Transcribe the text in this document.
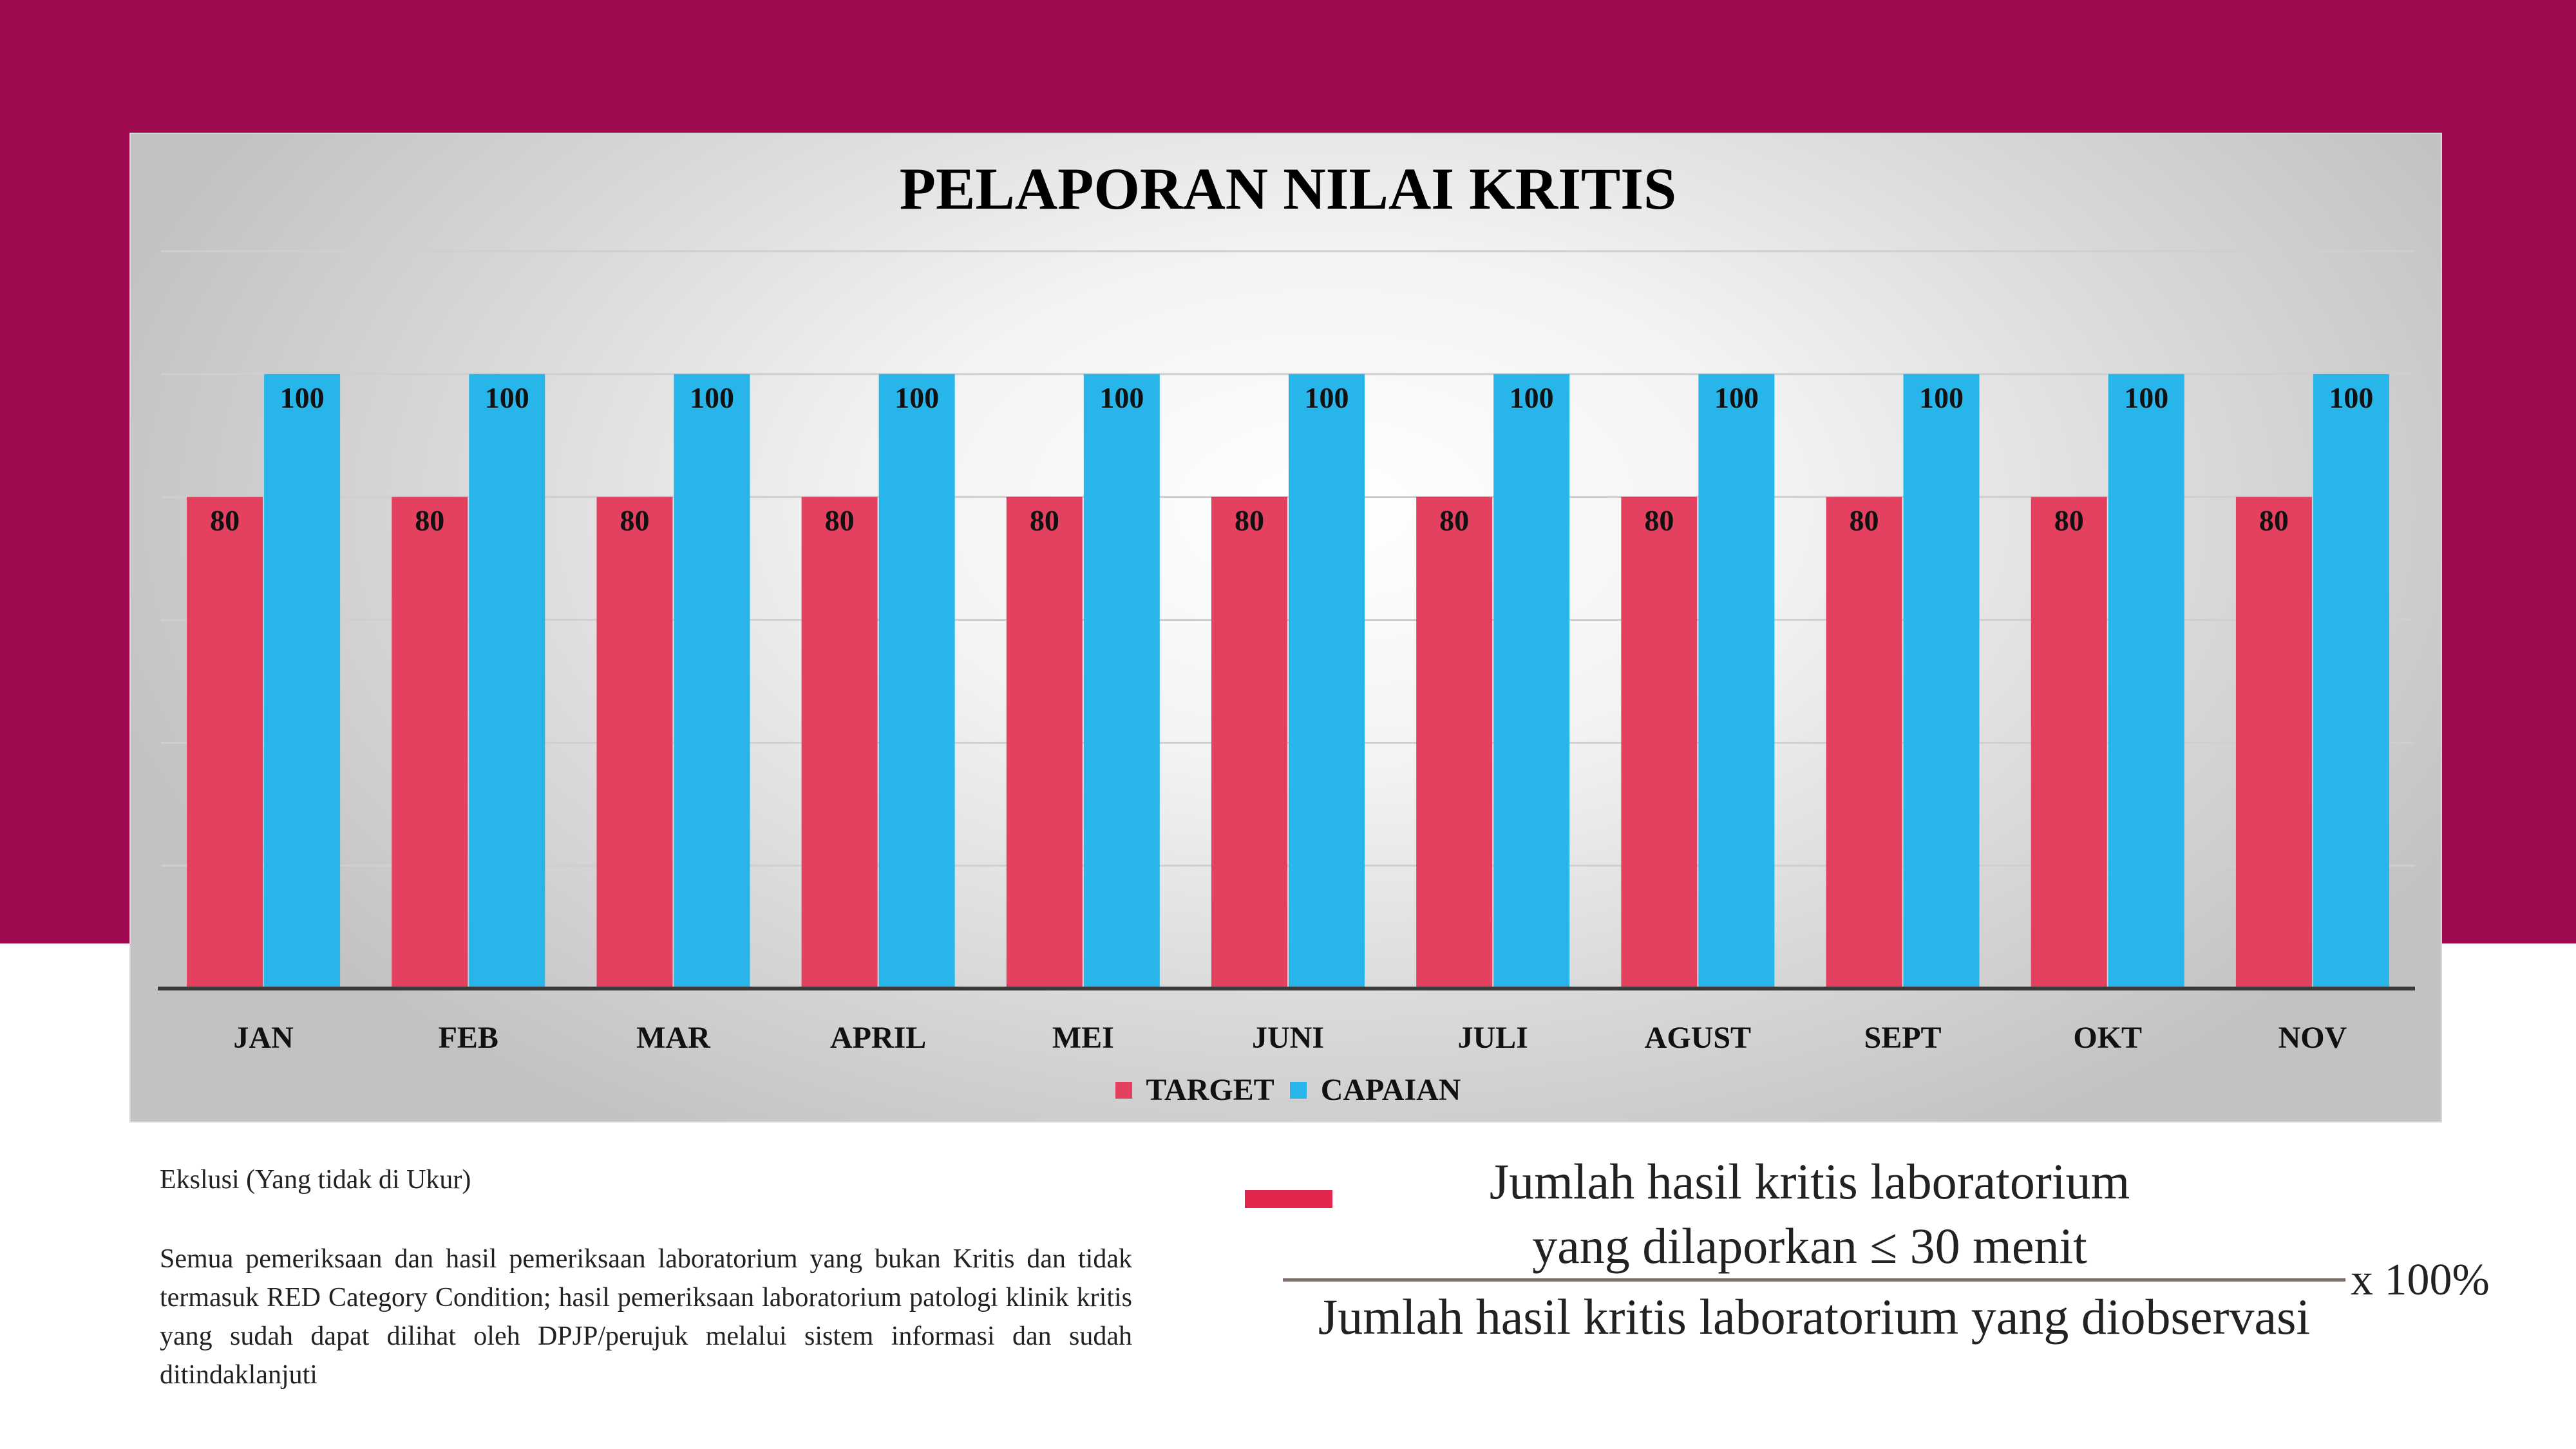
PELAPORAN NILAI KRITIS
80
100
JAN
80
100
FEB
80
100
MAR
80
100
APRIL
80
100
MEI
80
100
JUNI
80
100
JULI
80
100
AGUST
80
100
SEPT
80
100
OKT
80
100
NOV
TARGET CAPAIAN
Ekslusi (Yang tidak di Ukur)
Semua pemeriksaan dan hasil pemeriksaan laboratorium yang bukan Kritis dan tidak termasuk RED Category Condition; hasil pemeriksaan laboratorium patologi klinik kritis yang sudah dapat dilihat oleh DPJP/perujuk melalui sistem informasi dan sudah ditindaklanjuti
Jumlah hasil kritis laboratorium
yang dilaporkan ≤ 30 menit
Jumlah hasil kritis laboratorium yang diobservasi
x 100%
